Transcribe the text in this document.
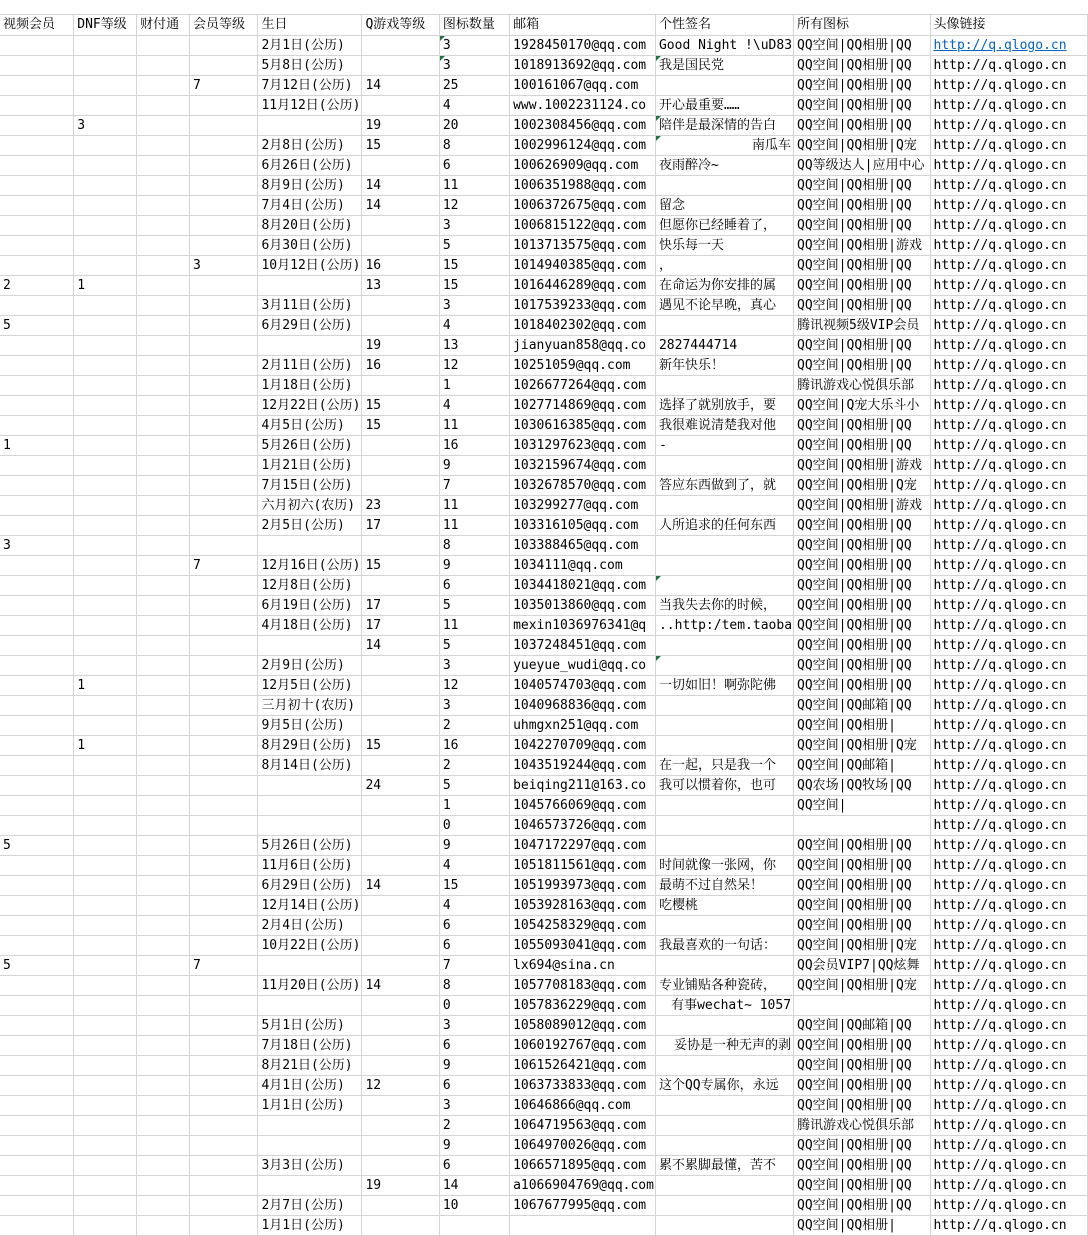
视频会员	DNF等级	财付通	会员等级	生日	Q游戏等级	图标数量	邮箱	个性签名	所有图标	头像链接
				2月1日(公历)		3	1928450170@qq.com	Good Night !\uD83	QQ空间|QQ相册|QQ	http://q.qlogo.cn
				5月8日(公历)		3	1018913692@qq.com	我是国民党	QQ空间|QQ相册|QQ	http://q.qlogo.cn
			7	7月12日(公历)	14	25	100161067@qq.com		QQ空间|QQ相册|QQ	http://q.qlogo.cn
				11月12日(公历)		4	www.1002231124.co	开心最重要……	QQ空间|QQ相册|QQ	http://q.qlogo.cn
	3				19	20	1002308456@qq.com	陪伴是最深情的告白	QQ空间|QQ相册|QQ	http://q.qlogo.cn
				2月8日(公历)	15	8	1002996124@qq.com	南瓜车	QQ空间|QQ相册|Q宠	http://q.qlogo.cn
				6月26日(公历)		6	100626909@qq.com	夜雨醉冷~	QQ等级达人|应用中心	http://q.qlogo.cn
				8月9日(公历)	14	11	1006351988@qq.com		QQ空间|QQ相册|QQ	http://q.qlogo.cn
				7月4日(公历)	14	12	1006372675@qq.com	留念	QQ空间|QQ相册|QQ	http://q.qlogo.cn
				8月20日(公历)		3	1006815122@qq.com	但愿你已经睡着了，	QQ空间|QQ相册|QQ	http://q.qlogo.cn
				6月30日(公历)		5	1013713575@qq.com	快乐每一天	QQ空间|QQ相册|游戏	http://q.qlogo.cn
			3	10月12日(公历)	16	15	1014940385@qq.com	，	QQ空间|QQ相册|QQ	http://q.qlogo.cn
2	1				13	15	1016446289@qq.com	在命运为你安排的属	QQ空间|QQ相册|QQ	http://q.qlogo.cn
				3月11日(公历)		3	1017539233@qq.com	遇见不论早晚，真心	QQ空间|QQ相册|QQ	http://q.qlogo.cn
5				6月29日(公历)		4	1018402302@qq.com		腾讯视频5级VIP会员	http://q.qlogo.cn
					19	13	jianyuan858@qq.co	2827444714	QQ空间|QQ相册|QQ	http://q.qlogo.cn
				2月11日(公历)	16	12	10251059@qq.com	新年快乐！	QQ空间|QQ相册|QQ	http://q.qlogo.cn
				1月18日(公历)		1	1026677264@qq.com		腾讯游戏心悦俱乐部	http://q.qlogo.cn
				12月22日(公历)	15	4	1027714869@qq.com	选择了就别放手，要	QQ空间|Q宠大乐斗小	http://q.qlogo.cn
				4月5日(公历)	15	11	1030616385@qq.com	我很难说清楚我对他	QQ空间|QQ相册|QQ	http://q.qlogo.cn
1				5月26日(公历)		16	1031297623@qq.com	-	QQ空间|QQ相册|QQ	http://q.qlogo.cn
				1月21日(公历)		9	1032159674@qq.com		QQ空间|QQ相册|游戏	http://q.qlogo.cn
				7月15日(公历)		7	1032678570@qq.com	答应东西做到了，就	QQ空间|QQ相册|Q宠	http://q.qlogo.cn
				六月初六(农历)	23	11	103299277@qq.com		QQ空间|QQ相册|游戏	http://q.qlogo.cn
				2月5日(公历)	17	11	103316105@qq.com	人所追求的任何东西	QQ空间|QQ相册|QQ	http://q.qlogo.cn
3						8	103388465@qq.com		QQ空间|QQ相册|QQ	http://q.qlogo.cn
			7	12月16日(公历)	15	9	1034111@qq.com		QQ空间|QQ相册|QQ	http://q.qlogo.cn
				12月8日(公历)		6	1034418021@qq.com		QQ空间|QQ相册|QQ	http://q.qlogo.cn
				6月19日(公历)	17	5	1035013860@qq.com	当我失去你的时候，	QQ空间|QQ相册|QQ	http://q.qlogo.cn
				4月18日(公历)	17	11	mexin1036976341@q	..http:/tem.taoba	QQ空间|QQ相册|QQ	http://q.qlogo.cn
					14	5	1037248451@qq.com		QQ空间|QQ相册|QQ	http://q.qlogo.cn
				2月9日(公历)		3	yueyue_wudi@qq.co		QQ空间|QQ相册|QQ	http://q.qlogo.cn
	1			12月5日(公历)		12	1040574703@qq.com	一切如旧！啊弥陀佛	QQ空间|QQ相册|QQ	http://q.qlogo.cn
				三月初十(农历)		3	1040968836@qq.com		QQ空间|QQ邮箱|QQ	http://q.qlogo.cn
				9月5日(公历)		2	uhmgxn251@qq.com		QQ空间|QQ相册|	http://q.qlogo.cn
	1			8月29日(公历)	15	16	1042270709@qq.com		QQ空间|QQ相册|Q宠	http://q.qlogo.cn
				8月14日(公历)		2	1043519244@qq.com	在一起，只是我一个	QQ空间|QQ邮箱|	http://q.qlogo.cn
					24	5	beiqing211@163.co	我可以惯着你，也可	QQ农场|QQ牧场|QQ	http://q.qlogo.cn
						1	1045766069@qq.com		QQ空间|	http://q.qlogo.cn
						0	1046573726@qq.com			http://q.qlogo.cn
5				5月26日(公历)		9	1047172297@qq.com		QQ空间|QQ相册|QQ	http://q.qlogo.cn
				11月6日(公历)		4	1051811561@qq.com	时间就像一张网，你	QQ空间|QQ相册|QQ	http://q.qlogo.cn
				6月29日(公历)	14	15	1051993973@qq.com	最萌不过自然呆！	QQ空间|QQ相册|QQ	http://q.qlogo.cn
				12月14日(公历)		4	1053928163@qq.com	吃樱桃	QQ空间|QQ相册|QQ	http://q.qlogo.cn
				2月4日(公历)		6	1054258329@qq.com		QQ空间|QQ相册|QQ	http://q.qlogo.cn
				10月22日(公历)		6	1055093041@qq.com	我最喜欢的一句话：	QQ空间|QQ相册|Q宠	http://q.qlogo.cn
5			7			7	lx694@sina.cn		QQ会员VIP7|QQ炫舞	http://q.qlogo.cn
				11月20日(公历)	14	8	1057708183@qq.com	专业铺贴各种瓷砖，	QQ空间|QQ相册|Q宠	http://q.qlogo.cn
						0	1057836229@qq.com	有事wechat~ 1057		http://q.qlogo.cn
				5月1日(公历)		3	1058089012@qq.com		QQ空间|QQ邮箱|QQ	http://q.qlogo.cn
				7月18日(公历)		6	1060192767@qq.com	妥协是一种无声的剥	QQ空间|QQ相册|QQ	http://q.qlogo.cn
				8月21日(公历)		9	1061526421@qq.com		QQ空间|QQ相册|QQ	http://q.qlogo.cn
				4月1日(公历)	12	6	1063733833@qq.com	这个QQ专属你，永远	QQ空间|QQ相册|QQ	http://q.qlogo.cn
				1月1日(公历)		3	10646866@qq.com		QQ空间|QQ相册|QQ	http://q.qlogo.cn
						2	1064719563@qq.com		腾讯游戏心悦俱乐部	http://q.qlogo.cn
						9	1064970026@qq.com		QQ空间|QQ相册|QQ	http://q.qlogo.cn
				3月3日(公历)		6	1066571895@qq.com	累不累脚最懂，苦不	QQ空间|QQ相册|QQ	http://q.qlogo.cn
					19	14	a1066904769@qq.com		QQ空间|QQ相册|QQ	http://q.qlogo.cn
				2月7日(公历)		10	1067677995@qq.com		QQ空间|QQ相册|QQ	http://q.qlogo.cn
				1月1日(公历)					QQ空间|QQ相册|	http://q.qlogo.cn
